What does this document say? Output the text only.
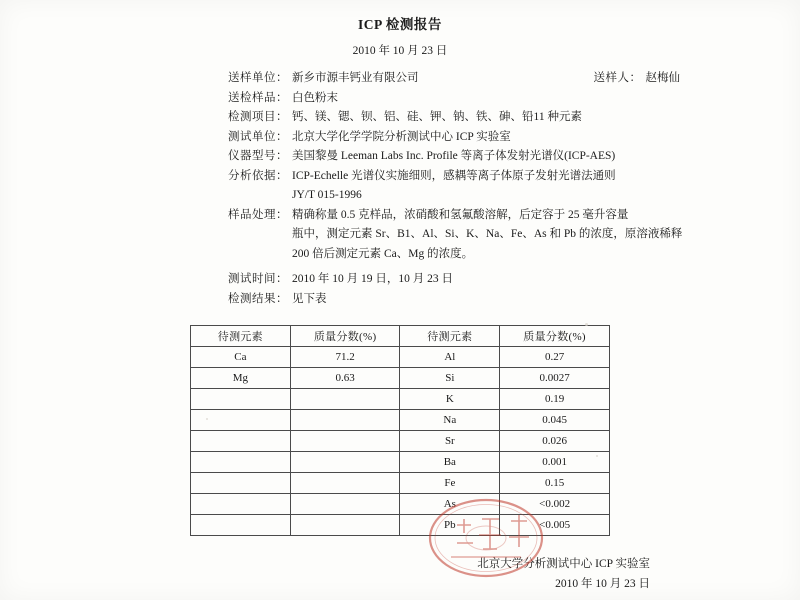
ICP 检测报告
2010 年 10 月 23 日
送样单位： 新乡市源丰钙业有限公司	送样人： 赵梅仙
送检样品： 白色粉末
检测项目： 钙、镁、锶、钡、铝、硅、钾、钠、铁、砷、铅11 种元素
测试单位： 北京大学化学学院分析测试中心 ICP 实验室
仪器型号： 美国黎曼 Leeman Labs Inc. Profile 等离子体发射光谱仪(ICP-AES)
分析依据： ICP-Echelle 光谱仪实施细则，感耦等离子体原子发射光谱法通则
JY/T 015-1996
样品处理： 精确称量 0.5 克样品，浓硝酸和氢氟酸溶解，后定容于 25 毫升容量
瓶中，测定元素 Sr、B1、Al、Si、K、Na、Fe、As 和 Pb 的浓度，原溶液稀释
200 倍后测定元素 Ca、Mg 的浓度。
测试时间： 2010 年 10 月 19 日，10 月 23 日
检测结果： 见下表
待测元素	质量分数(%)	待测元素	质量分数(%)
Ca	71.2	Al	0.27
Mg	0.63	Si	0.0027
		K	0.19
		Na	0.045
		Sr	0.026
		Ba	0.001
		Fe	0.15
		As	<0.002
		Pb	<0.005
北京大学分析测试中心 ICP 实验室
2010 年 10 月 23 日
